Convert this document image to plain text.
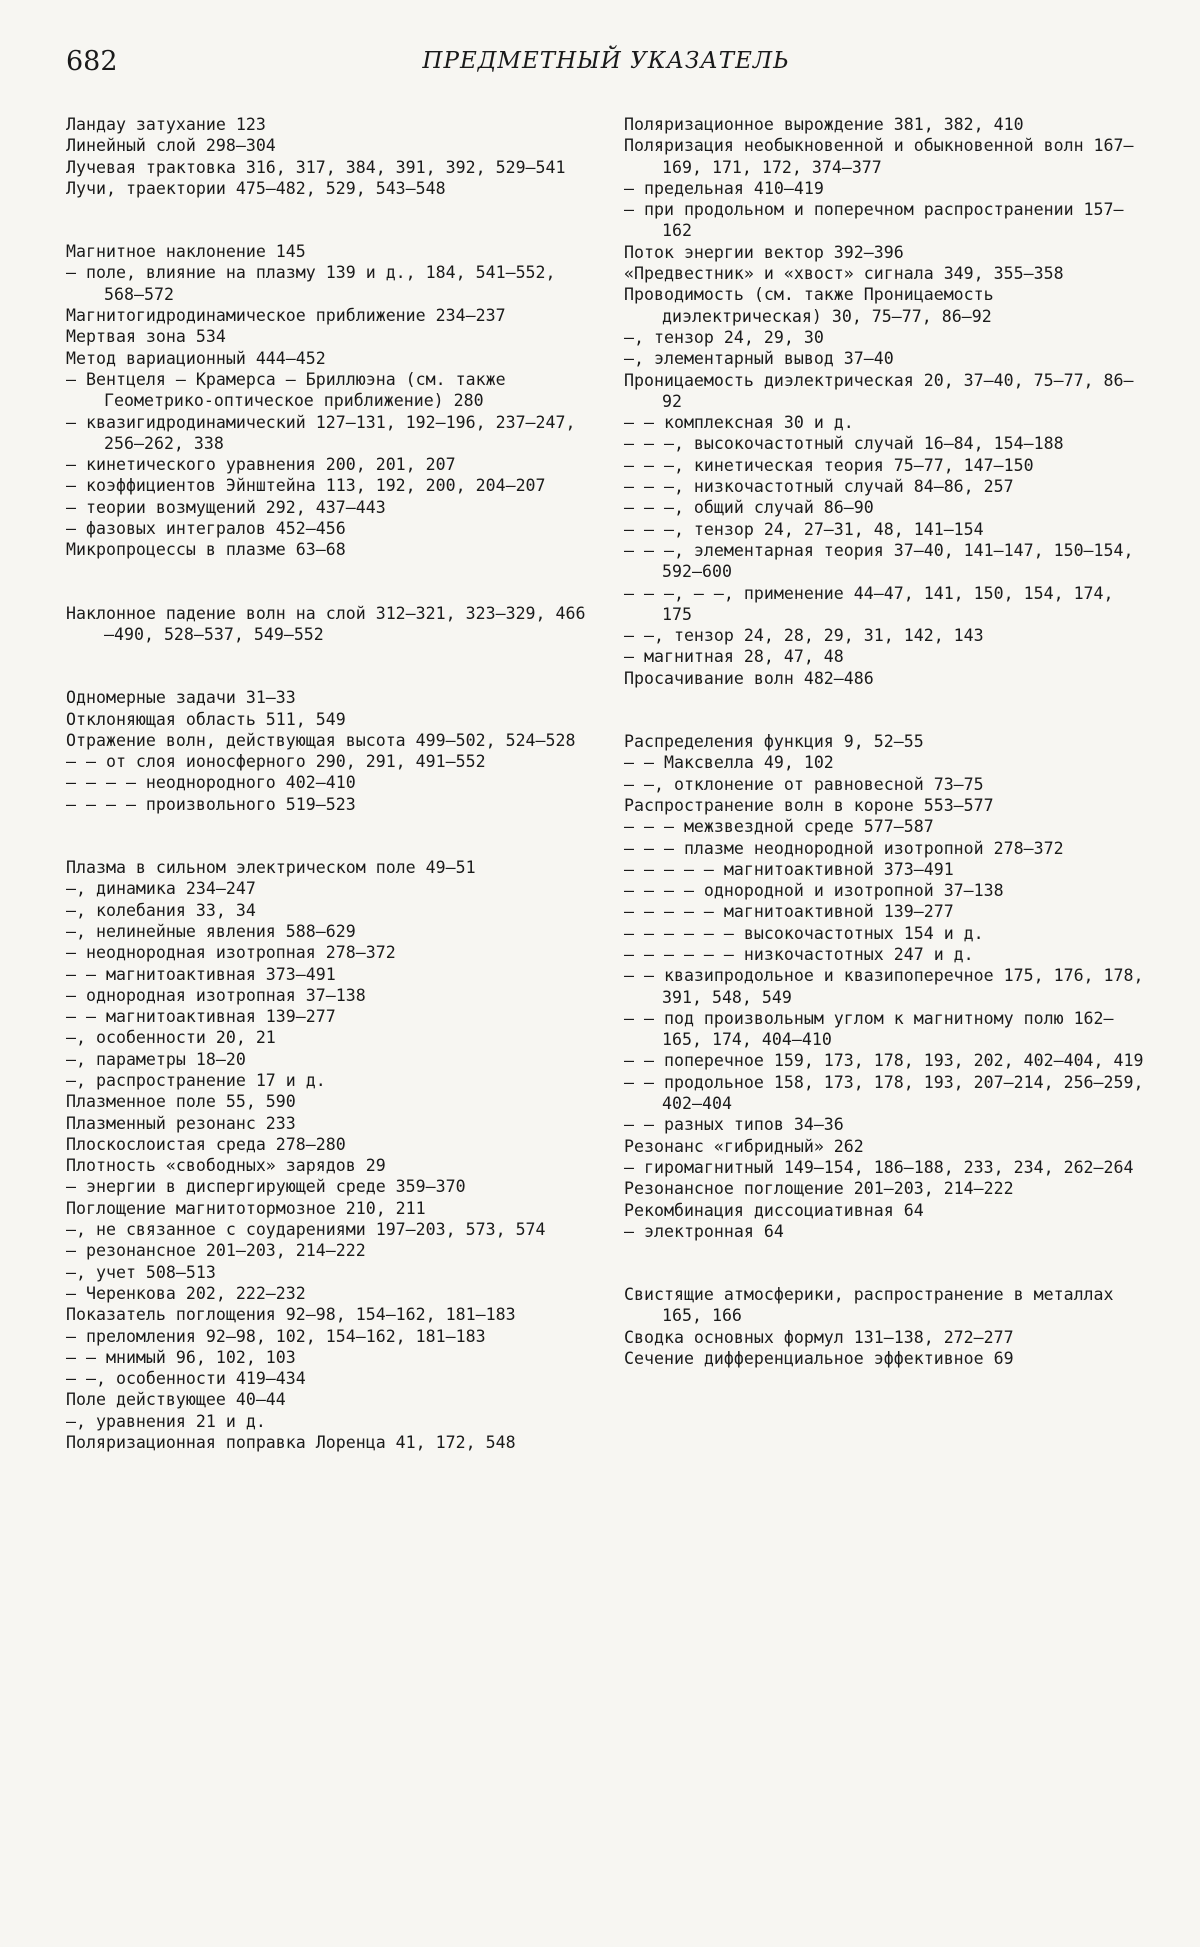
682	ПРЕДМЕТНЫЙ УКАЗАТЕЛЬ
Ландау затухание 123
Линейный слой 298—304
Лучевая трактовка 316, 317, 384, 391, 392, 529—541
Лучи, траектории 475—482, 529, 543—548
Магнитное наклонение 145
— поле, влияние на плазму 139 и д., 184, 541—552, 568—572
Магнитогидродинамическое приближение 234—237
Мертвая зона 534
Метод вариационный 444—452
— Вентцеля — Крамерса — Бриллюэна (см. также Геометрико-оптическое приближение) 280
— квазигидродинамический 127—131, 192—196, 237—247, 256—262, 338
— кинетического уравнения 200, 201, 207
— коэффициентов Эйнштейна 113, 192, 200, 204—207
— теории возмущений 292, 437—443
— фазовых интегралов 452—456
Микропроцессы в плазме 63—68
Наклонное падение волн на слой 312—321, 323—329, 466—490, 528—537, 549—552
Одномерные задачи 31—33
Отклоняющая область 511, 549
Отражение волн, действующая высота 499—502, 524—528
— — от слоя ионосферного 290, 291, 491—552
— — — — неоднородного 402—410
— — — — произвольного 519—523
Плазма в сильном электрическом поле 49—51
—, динамика 234—247
—, колебания 33, 34
—, нелинейные явления 588—629
— неоднородная изотропная 278—372
— — магнитоактивная 373—491
— однородная изотропная 37—138
— — магнитоактивная 139—277
—, особенности 20, 21
—, параметры 18—20
—, распространение 17 и д.
Плазменное поле 55, 590
Плазменный резонанс 233
Плоскослоистая среда 278—280
Плотность «свободных» зарядов 29
— энергии в диспергирующей среде 359—370
Поглощение магнитотормозное 210, 211
—, не связанное с соударениями 197—203, 573, 574
— резонансное 201—203, 214—222
—, учет 508—513
— Черенкова 202, 222—232
Показатель поглощения 92—98, 154—162, 181—183
— преломления 92—98, 102, 154—162, 181—183
— — мнимый 96, 102, 103
— —, особенности 419—434
Поле действующее 40—44
—, уравнения 21 и д.
Поляризационная поправка Лоренца 41, 172, 548
Поляризационное вырождение 381, 382, 410
Поляризация необыкновенной и обыкновенной волн 167—169, 171, 172, 374—377
— предельная 410—419
— при продольном и поперечном распространении 157—162
Поток энергии вектор 392—396
«Предвестник» и «хвост» сигнала 349, 355—358
Проводимость (см. также Проницаемость диэлектрическая) 30, 75—77, 86—92
—, тензор 24, 29, 30
—, элементарный вывод 37—40
Проницаемость диэлектрическая 20, 37—40, 75—77, 86—92
— — комплексная 30 и д.
— — —, высокочастотный случай 16—84, 154—188
— — —, кинетическая теория 75—77, 147—150
— — —, низкочастотный случай 84—86, 257
— — —, общий случай 86—90
— — —, тензор 24, 27—31, 48, 141—154
— — —, элементарная теория 37—40, 141—147, 150—154, 592—600
— — —, — —, применение 44—47, 141, 150, 154, 174, 175
— —, тензор 24, 28, 29, 31, 142, 143
— магнитная 28, 47, 48
Просачивание волн 482—486
Распределения функция 9, 52—55
— — Максвелла 49, 102
— —, отклонение от равновесной 73—75
Распространение волн в короне 553—577
— — — межзвездной среде 577—587
— — — плазме неоднородной изотропной 278—372
— — — — — магнитоактивной 373—491
— — — — однородной и изотропной 37—138
— — — — — магнитоактивной 139—277
— — — — — — высокочастотных 154 и д.
— — — — — — низкочастотных 247 и д.
— — квазипродольное и квазипоперечное 175, 176, 178, 391, 548, 549
— — под произвольным углом к магнитному полю 162—165, 174, 404—410
— — поперечное 159, 173, 178, 193, 202, 402—404, 419
— — продольное 158, 173, 178, 193, 207—214, 256—259, 402—404
— — разных типов 34—36
Резонанс «гибридный» 262
— гиромагнитный 149—154, 186—188, 233, 234, 262—264
Резонансное поглощение 201—203, 214—222
Рекомбинация диссоциативная 64
— электронная 64
Свистящие атмосферики, распространение в металлах 165, 166
Сводка основных формул 131—138, 272—277
Сечение дифференциальное эффективное 69
